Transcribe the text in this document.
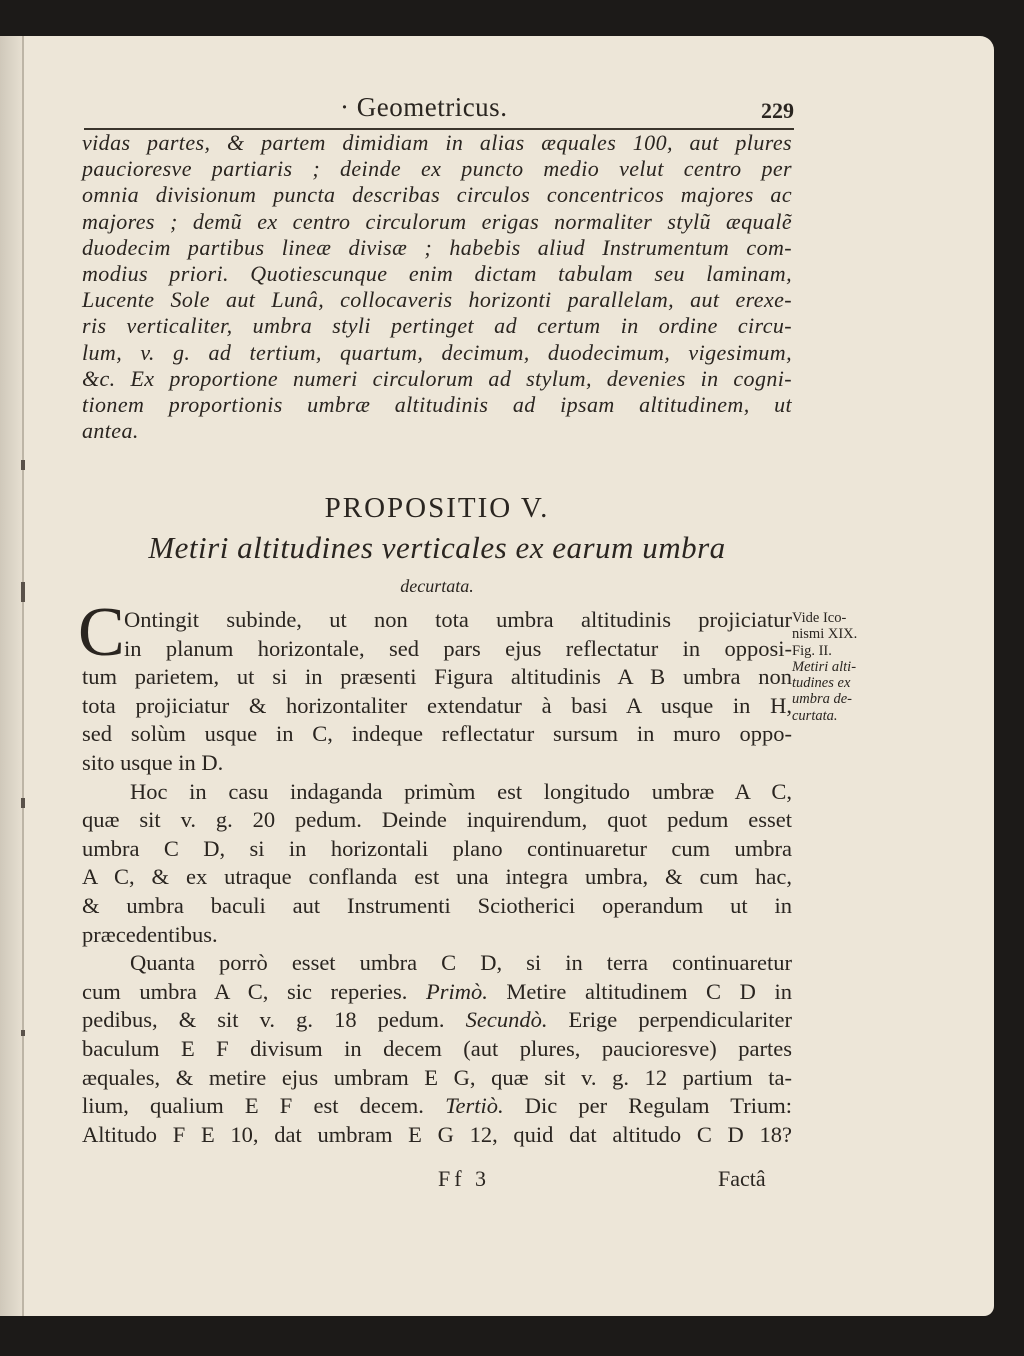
· Geometricus.	229
vidas partes, & partem dimidiam in alias æquales 100, aut plures
paucioresve partiaris ; deinde ex puncto medio velut centro per
omnia divisionum puncta describas circulos concentricos majores ac
majores ; demũ ex centro circulorum erigas normaliter stylũ æqualẽ
duodecim partibus lineæ divisæ ; habebis aliud Instrumentum com-
modius priori. Quotiescunque enim dictam tabulam seu laminam,
Lucente Sole aut Lunâ, collocaveris horizonti parallelam, aut erexe-
ris verticaliter, umbra styli pertinget ad certum in ordine circu-
lum, v. g. ad tertium, quartum, decimum, duodecimum, vigesimum,
&c. Ex proportione numeri circulorum ad stylum, devenies in cogni-
tionem proportionis umbræ altitudinis ad ipsam altitudinem, ut
antea.
PROPOSITIO V.
Metiri altitudines verticales ex earum umbra
decurtata.
C Ontingit subinde, ut non tota umbra altitudinis projiciatur
in planum horizontale, sed pars ejus reflectatur in opposi-
tum parietem, ut si in præsenti Figura altitudinis A B umbra non
tota projiciatur & horizontaliter extendatur à basi A usque in H,
sed solùm usque in C, indeque reflectatur sursum in muro oppo-
sito usque in D.
Hoc in casu indaganda primùm est longitudo umbræ A C,
quæ sit v. g. 20 pedum. Deinde inquirendum, quot pedum esset
umbra C D, si in horizontali plano continuaretur cum umbra
A C, & ex utraque conflanda est una integra umbra, & cum hac,
& umbra baculi aut Instrumenti Sciotherici operandum ut in
præcedentibus.
Quanta porrò esset umbra C D, si in terra continuaretur
cum umbra A C, sic reperies. Primò. Metire altitudinem C D in
pedibus, & sit v. g. 18 pedum. Secundò. Erige perpendiculariter
baculum E F divisum in decem (aut plures, paucioresve) partes
æquales, & metire ejus umbram E G, quæ sit v. g. 12 partium ta-
lium, qualium E F est decem. Tertiò. Dic per Regulam Trium:
Altitudo F E 10, dat umbram E G 12, quid dat altitudo C D 18?
Vide Ico-
nismi XIX.
Fig. II.
Metiri alti-
tudines ex
umbra de-
curtata.
Ff 3	Factâ
